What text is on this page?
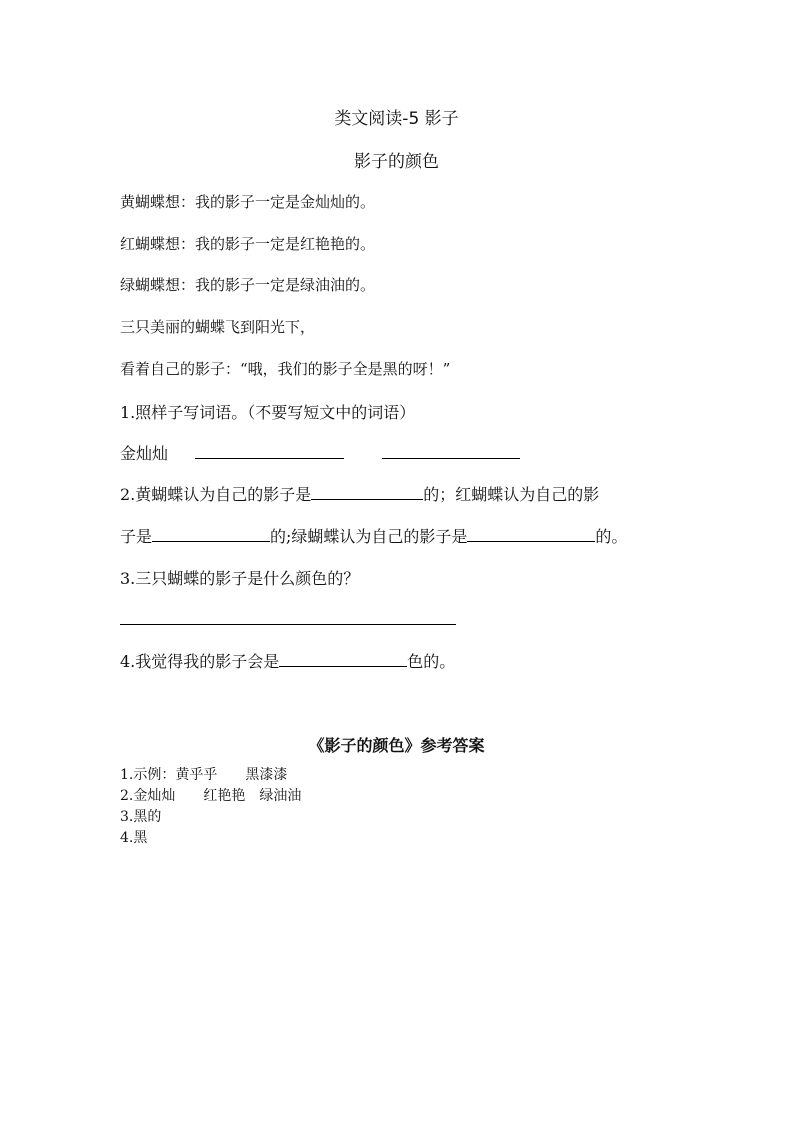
类文阅读-5 影子
影子的颜色
黄蝴蝶想：我的影子一定是金灿灿的。
红蝴蝶想：我的影子一定是红艳艳的。
绿蝴蝶想：我的影子一定是绿油油的。
三只美丽的蝴蝶飞到阳光下，
看着自己的影子：“哦，我们的影子全是黑的呀！”
1.照样子写词语。（不要写短文中的词语）
金灿灿
2.黄蝴蝶认为自己的影子是	的；红蝴蝶认为自己的影
子是	的;绿蝴蝶认为自己的影子是	的。
3.三只蝴蝶的影子是什么颜色的？
4.我觉得我的影子会是	色的。
《影子的颜色》参考答案
1.示例：黄乎乎　　黑漆漆
2.金灿灿　　红艳艳　绿油油
3.黑的
4.黑
